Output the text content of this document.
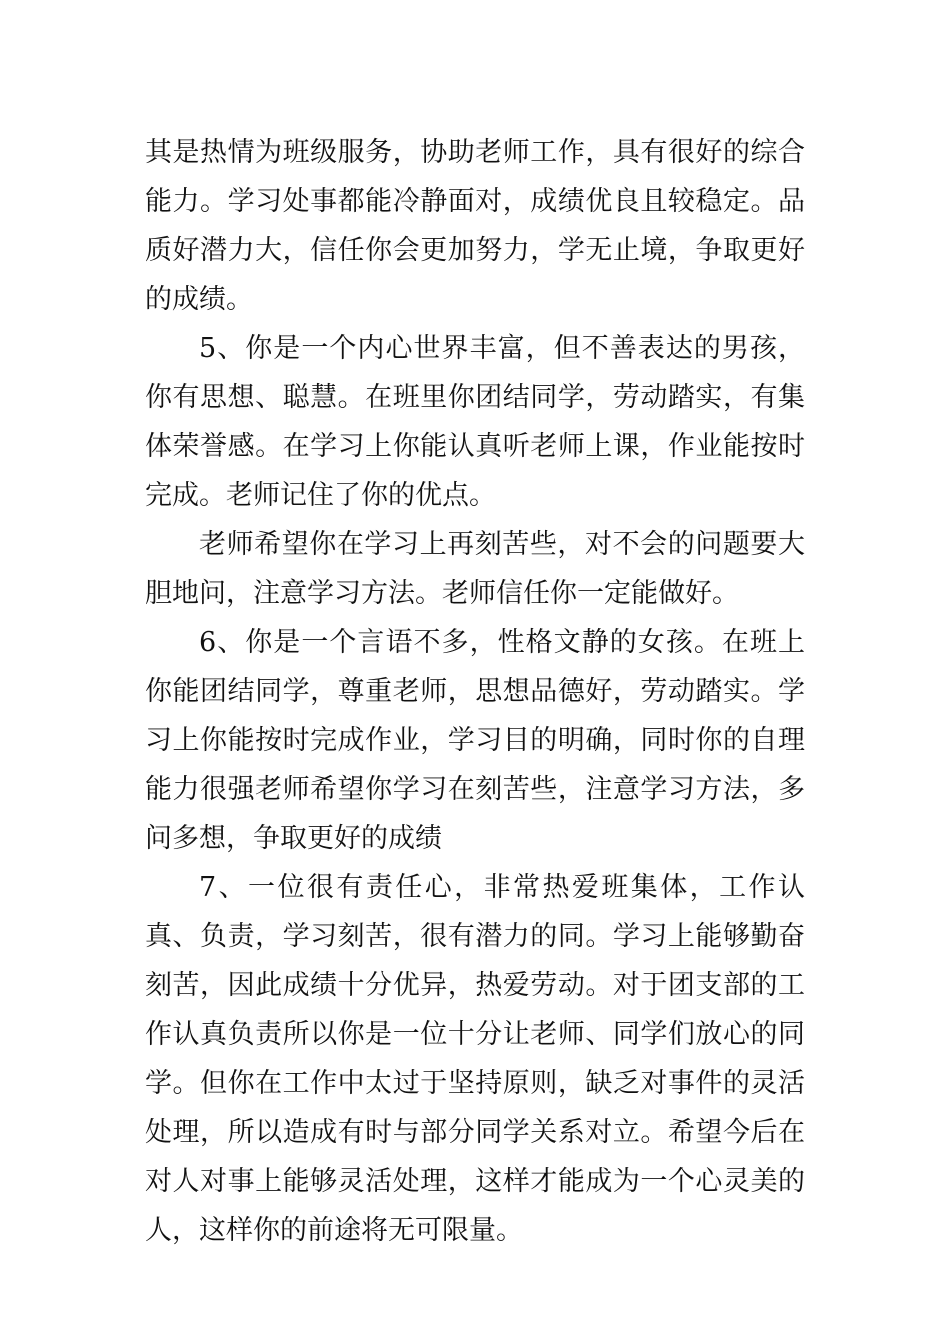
其是热情为班级服务，协助老师工作，具有很好的综合能力。学习处事都能冷静面对，成绩优良且较稳定。品质好潜力大，信任你会更加努力，学无止境，争取更好的成绩。

5、你是一个内心世界丰富，但不善表达的男孩，你有思想、聪慧。在班里你团结同学，劳动踏实，有集体荣誉感。在学习上你能认真听老师上课，作业能按时完成。老师记住了你的优点。

老师希望你在学习上再刻苦些，对不会的问题要大胆地问，注意学习方法。老师信任你一定能做好。

6、你是一个言语不多，性格文静的女孩。在班上你能团结同学，尊重老师，思想品德好，劳动踏实。学习上你能按时完成作业，学习目的明确，同时你的自理能力很强老师希望你学习在刻苦些，注意学习方法，多问多想，争取更好的成绩

7、一位很有责任心，非常热爱班集体，工作认真、负责，学习刻苦，很有潜力的同。学习上能够勤奋刻苦，因此成绩十分优异，热爱劳动。对于团支部的工作认真负责所以你是一位十分让老师、同学们放心的同学。但你在工作中太过于坚持原则，缺乏对事件的灵活处理，所以造成有时与部分同学关系对立。希望今后在对人对事上能够灵活处理，这样才能成为一个心灵美的人，这样你的前途将无可限量。
